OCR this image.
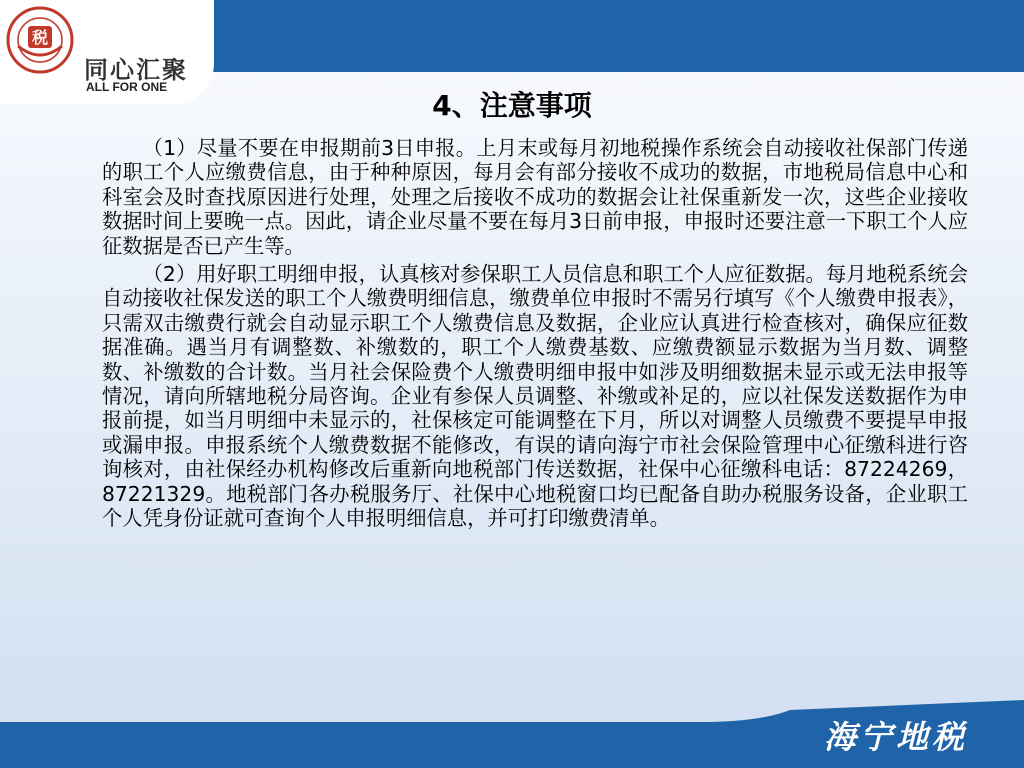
税
同心汇聚
ALL FOR ONE
4、注意事项

（1）尽量不要在申报期前3日申报。上月末或每月初地税操作系统会自动接收社保部门传递的职工个人应缴费信息，由于种种原因，每月会有部分接收不成功的数据，市地税局信息中心和科室会及时查找原因进行处理，处理之后接收不成功的数据会让社保重新发一次，这些企业接收数据时间上要晚一点。因此，请企业尽量不要在每月3日前申报，申报时还要注意一下职工个人应征数据是否已产生等。

（2）用好职工明细申报，认真核对参保职工人员信息和职工个人应征数据。每月地税系统会自动接收社保发送的职工个人缴费明细信息，缴费单位申报时不需另行填写《个人缴费申报表》，只需双击缴费行就会自动显示职工个人缴费信息及数据，企业应认真进行检查核对，确保应征数据准确。遇当月有调整数、补缴数的，职工个人缴费基数、应缴费额显示数据为当月数、调整数、补缴数的合计数。当月社会保险费个人缴费明细申报中如涉及明细数据未显示或无法申报等情况，请向所辖地税分局咨询。企业有参保人员调整、补缴或补足的，应以社保发送数据作为申报前提，如当月明细中未显示的，社保核定可能调整在下月，所以对调整人员缴费不要提早申报或漏申报。申报系统个人缴费数据不能修改，有误的请向海宁市社会保险管理中心征缴科进行咨询核对，由社保经办机构修改后重新向地税部门传送数据，社保中心征缴科电话：87224269，87221329。地税部门各办税服务厅、社保中心地税窗口均已配备自助办税服务设备，企业职工个人凭身份证就可查询个人申报明细信息，并可打印缴费清单。

海宁地税
